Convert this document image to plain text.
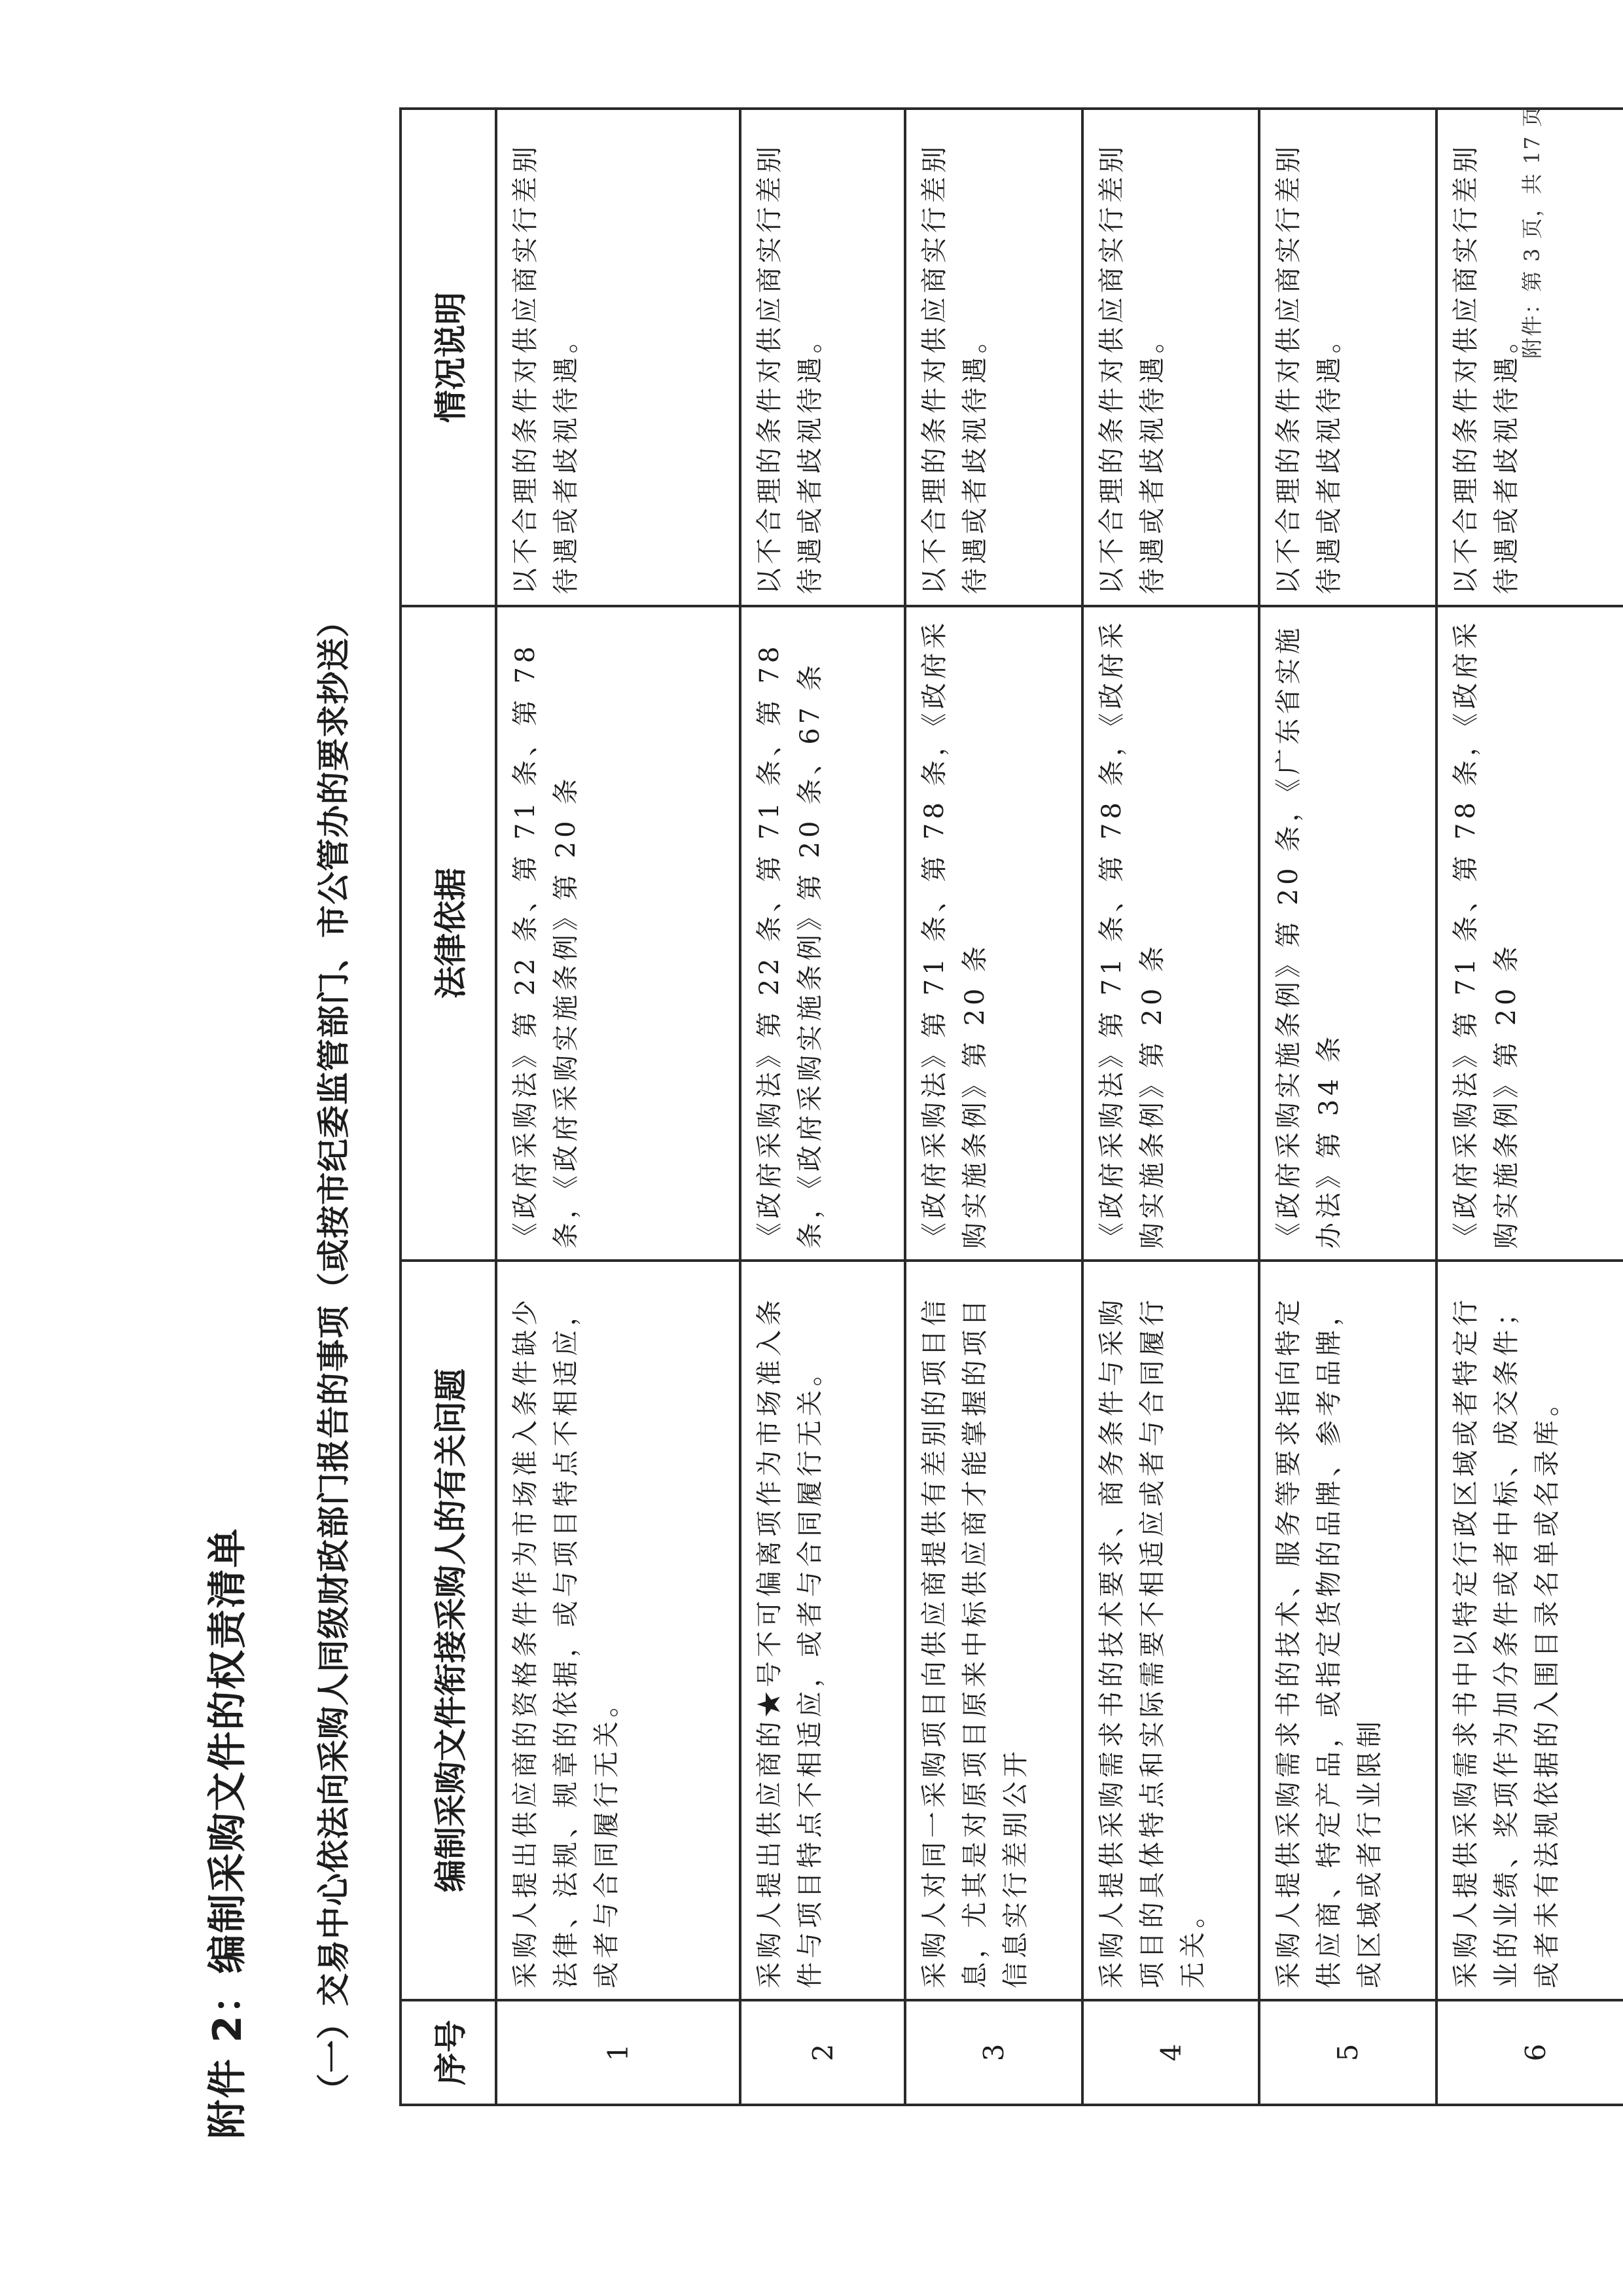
附件 2：编制采购文件的权责清单 （一）交易中心依法向采购人同级财政部门报告的事项（或按市纪委监管部门、市公管办的要求抄送） 序号	编制采购文件衔接采购人的有关问题	法律依据	情况说明
1	采购人提出供应商的资格条件作为市场准入条件缺少法律、法规、规章的依据，或与项目特点不相适应，或者与合同履行无关。	《政府采购法》第 22 条、第 71 条、第 78 条，《政府采购实施条例》第 20 条	以不合理的条件对供应商实行差别待遇或者歧视待遇。
2	采购人提出供应商的★号不可偏离项作为市场准入条件与项目特点不相适应，或者与合同履行无关。	《政府采购法》第 22 条、第 71 条、第 78 条，《政府采购实施条例》第 20 条、67 条	以不合理的条件对供应商实行差别待遇或者歧视待遇。
3	采购人对同一采购项目向供应商提供有差别的项目信息，尤其是对原项目原来中标供应商才能掌握的项目信息实行差别公开	《政府采购法》第 71 条、第 78 条，《政府采购实施条例》第 20 条	以不合理的条件对供应商实行差别待遇或者歧视待遇。
4	采购人提供采购需求书的技术要求、商务条件与采购项目的具体特点和实际需要不相适应或者与合同履行无关。	《政府采购法》第 71 条、第 78 条，《政府采购实施条例》第 20 条	以不合理的条件对供应商实行差别待遇或者歧视待遇。
5	采购人提供采购需求书的技术、服务等要求指向特定供应商、特定产品，或指定货物的品牌、参考品牌，或区域或者行业限制	《政府采购实施条例》第 20 条，《广东省实施办法》第 34 条	以不合理的条件对供应商实行差别待遇或者歧视待遇。
6	采购人提供采购需求书中以特定行政区域或者特定行业的业绩、奖项作为加分条件或者中标、成交条件；或者未有法规依据的入围目录名单或名录库。	《政府采购法》第 71 条、第 78 条，《政府采购实施条例》第 20 条	以不合理的条件对供应商实行差别待遇或者歧视待遇。
附件：第 3 页，共 17 页
